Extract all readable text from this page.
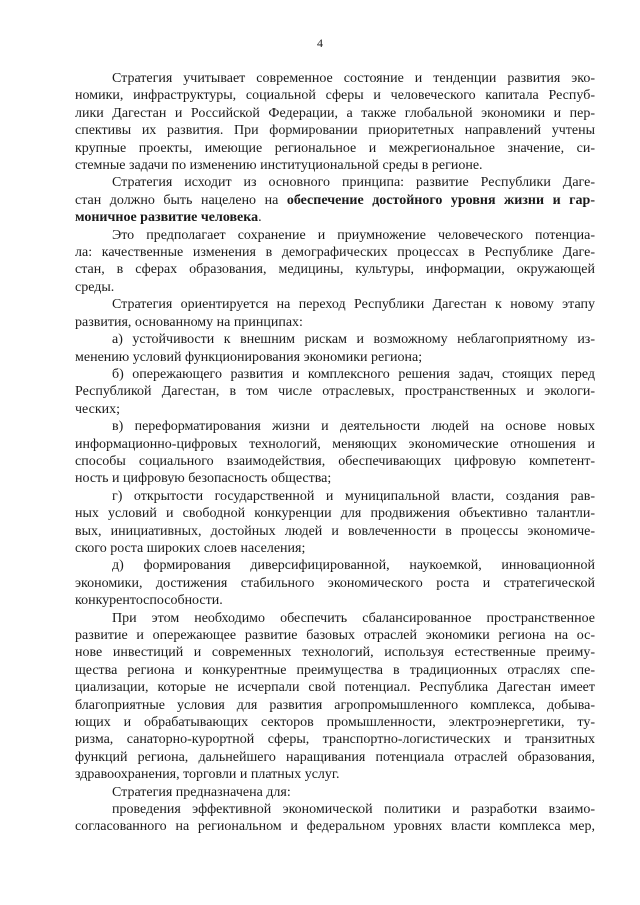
4
Стратегия учитывает современное состояние и тенденции развития эко-
номики, инфраструктуры, социальной сферы и человеческого капитала Респуб-
лики Дагестан и Российской Федерации, а также глобальной экономики и пер-
спективы их развития. При формировании приоритетных направлений учтены
крупные проекты, имеющие региональное и межрегиональное значение, си-
стемные задачи по изменению институциональной среды в регионе.
Стратегия исходит из основного принципа: развитие Республики Даге-
стан должно быть нацелено на обеспечение достойного уровня жизни и гар-
моничное развитие человека.
Это предполагает сохранение и приумножение человеческого потенциа-
ла: качественные изменения в демографических процессах в Республике Даге-
стан, в сферах образования, медицины, культуры, информации, окружающей
среды.
Стратегия ориентируется на переход Республики Дагестан к новому этапу
развития, основанному на принципах:
а) устойчивости к внешним рискам и возможному неблагоприятному из-
менению условий функционирования экономики региона;
б) опережающего развития и комплексного решения задач, стоящих перед
Республикой Дагестан, в том числе отраслевых, пространственных и экологи-
ческих;
в) переформатирования жизни и деятельности людей на основе новых
информационно-цифровых технологий, меняющих экономические отношения и
способы социального взаимодействия, обеспечивающих цифровую компетент-
ность и цифровую безопасность общества;
г) открытости государственной и муниципальной власти, создания рав-
ных условий и свободной конкуренции для продвижения объективно талантли-
вых, инициативных, достойных людей и вовлеченности в процессы экономиче-
ского роста широких слоев населения;
д) формирования диверсифицированной, наукоемкой, инновационной
экономики, достижения стабильного экономического роста и стратегической
конкурентоспособности.
При этом необходимо обеспечить сбалансированное пространственное
развитие и опережающее развитие базовых отраслей экономики региона на ос-
нове инвестиций и современных технологий, используя естественные преиму-
щества региона и конкурентные преимущества в традиционных отраслях спе-
циализации, которые не исчерпали свой потенциал. Республика Дагестан имеет
благоприятные условия для развития агропромышленного комплекса, добыва-
ющих и обрабатывающих секторов промышленности, электроэнергетики, ту-
ризма, санаторно-курортной сферы, транспортно-логистических и транзитных
функций региона, дальнейшего наращивания потенциала отраслей образования,
здравоохранения, торговли и платных услуг.
Стратегия предназначена для:
проведения эффективной экономической политики и разработки взаимо-
согласованного на региональном и федеральном уровнях власти комплекса мер,
